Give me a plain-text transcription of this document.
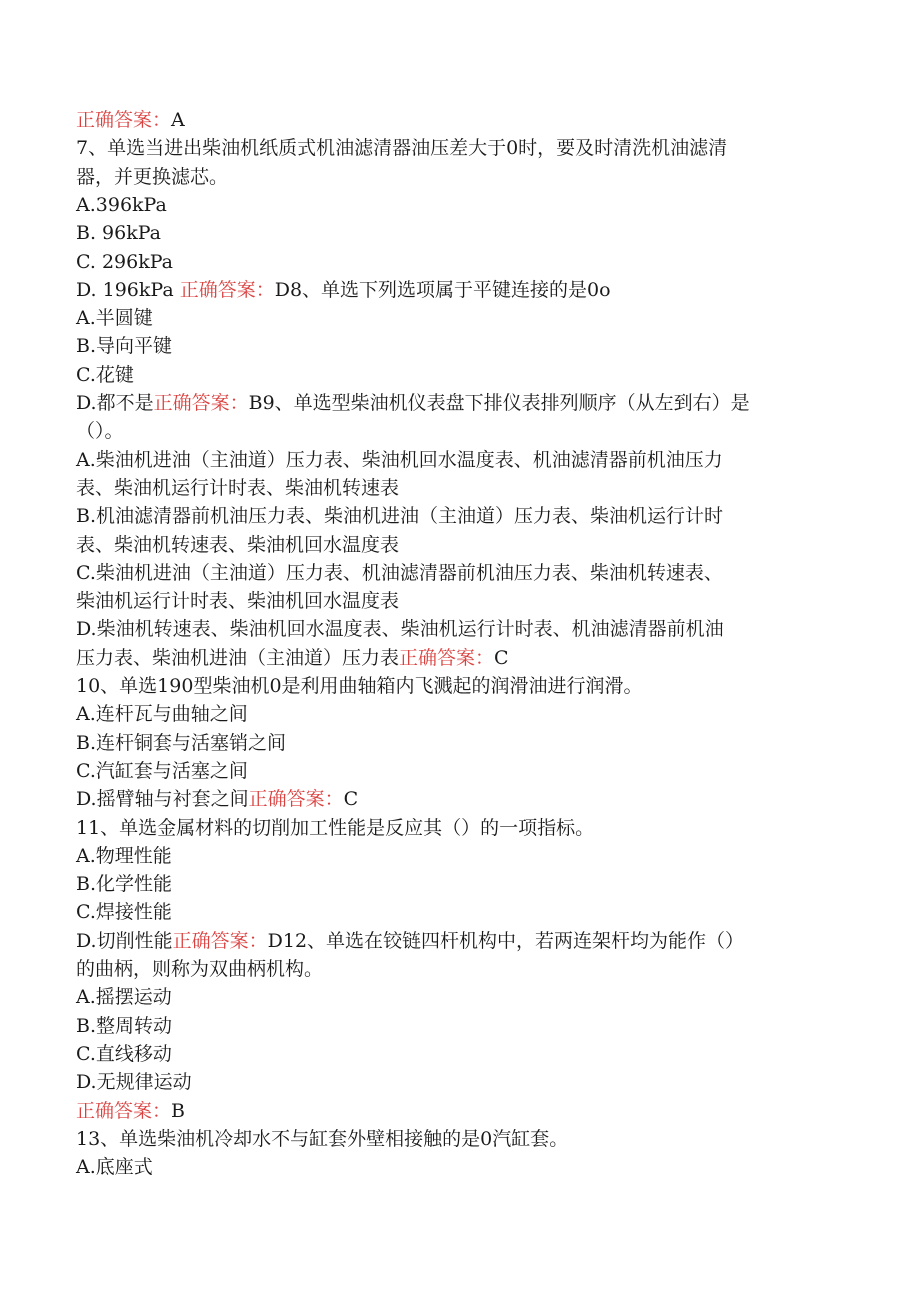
正确答案：A
7、单选当进出柴油机纸质式机油滤清器油压差大于0时，要及时清洗机油滤清
器，并更换滤芯。
A.396kPa
B. 96kPa
C. 296kPa
D. 196kPa 正确答案：D8、单选下列选项属于平键连接的是0o
A.半圆键
B.导向平键
C.花键
D.都不是正确答案：B9、单选型柴油机仪表盘下排仪表排列顺序（从左到右）是
（）。
A.柴油机进油（主油道）压力表、柴油机回水温度表、机油滤清器前机油压力
表、柴油机运行计时表、柴油机转速表
B.机油滤清器前机油压力表、柴油机进油（主油道）压力表、柴油机运行计时
表、柴油机转速表、柴油机回水温度表
C.柴油机进油（主油道）压力表、机油滤清器前机油压力表、柴油机转速表、
柴油机运行计时表、柴油机回水温度表
D.柴油机转速表、柴油机回水温度表、柴油机运行计时表、机油滤清器前机油
压力表、柴油机进油（主油道）压力表正确答案：C
10、单选190型柴油机0是利用曲轴箱内飞溅起的润滑油进行润滑。
A.连杆瓦与曲轴之间
B.连杆铜套与活塞销之间
C.汽缸套与活塞之间
D.摇臂轴与衬套之间正确答案：C
11、单选金属材料的切削加工性能是反应其（）的一项指标。
A.物理性能
B.化学性能
C.焊接性能
D.切削性能正确答案：D12、单选在铰链四杆机构中，若两连架杆均为能作（）
的曲柄，则称为双曲柄机构。
A.摇摆运动
B.整周转动
C.直线移动
D.无规律运动
正确答案：B
13、单选柴油机冷却水不与缸套外壁相接触的是0汽缸套。
A.底座式
